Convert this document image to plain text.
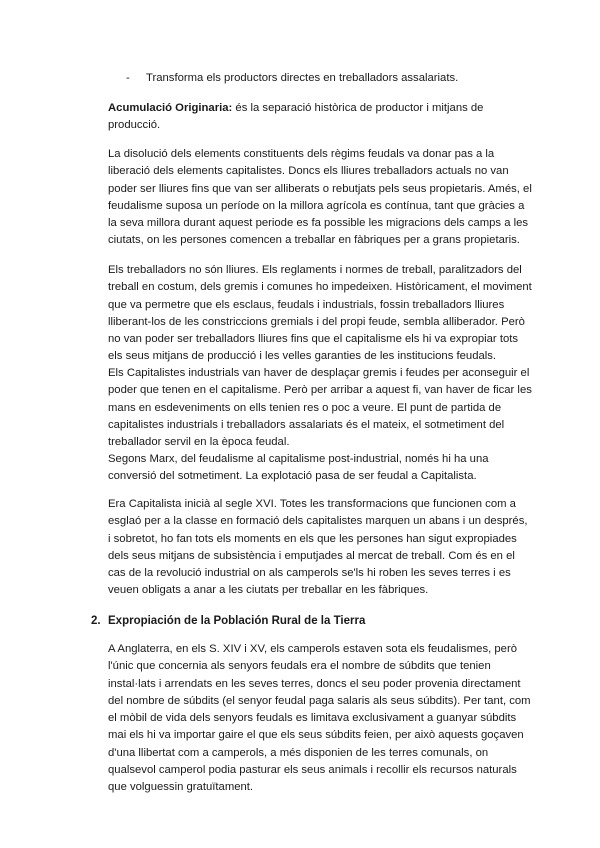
- Transforma els productors directes en treballadors assalariats.

Acumulació Originaria: és la separació històrica de productor i mitjans de producció.

La disolució dels elements constituents dels règims feudals va donar pas a la liberació dels elements capitalistes. Doncs els lliures treballadors actuals no van poder ser lliures fins que van ser alliberats o rebutjats pels seus propietaris. Amés, el feudalisme suposa un període on la millora agrícola es contínua, tant que gràcies a la seva millora durant aquest periode es fa possible les migracions dels camps a les ciutats, on les persones comencen a treballar en fàbriques per a grans propietaris.

Els treballadors no són lliures. Els reglaments i normes de treball, paralitzadors del treball en costum, dels gremis i comunes ho impedeixen. Històricament, el moviment que va permetre que els esclaus, feudals i industrials, fossin treballadors lliures lliberant-los de les constriccions gremials i del propi feude, sembla alliberador. Però no van poder ser treballadors lliures fins que el capitalisme els hi va expropiar tots els seus mitjans de producció i les velles garanties de les institucions feudals.

Els Capitalistes industrials van haver de desplaçar gremis i feudes per aconseguir el poder que tenen en el capitalisme. Però per arribar a aquest fi, van haver de ficar les mans en esdeveniments on ells tenien res o poc a veure. El punt de partida de capitalistes industrials i treballadors assalariats és el mateix, el sotmetiment del treballador servil en la època feudal.

Segons Marx, del feudalisme al capitalisme post-industrial, només hi ha una conversió del sotmetiment. La explotació pasa de ser feudal a Capitalista.

Era Capitalista inicià al segle XVI. Totes les transformacions que funcionen com a esglaó per a la classe en formació dels capitalistes marquen un abans i un després, i sobretot, ho fan tots els moments en els que les persones han sigut expropiades dels seus mitjans de subsistència i emputjades al mercat de treball. Com és en el cas de la revolució industrial on als camperols se'ls hi roben les seves terres i es veuen obligats a anar a les ciutats per treballar en les fàbriques.

2. Expropiación de la Población Rural de la Tierra

A Anglaterra, en els S. XIV i XV, els camperols estaven sota els feudalismes, però l'únic que concernia als senyors feudals era el nombre de súbdits que tenien instal·lats i arrendats en les seves terres, doncs el seu poder provenia directament del nombre de súbdits (el senyor feudal paga salaris als seus súbdits). Per tant, com el mòbil de vida dels senyors feudals es limitava exclusivament a guanyar súbdits mai els hi va importar gaire el que els seus súbdits feien, per això aquests goçaven d'una llibertat com a camperols, a més disponien de les terres comunals, on qualsevol camperol podia pasturar els seus animals i recollir els recursos naturals que volguessin gratuïtament.
